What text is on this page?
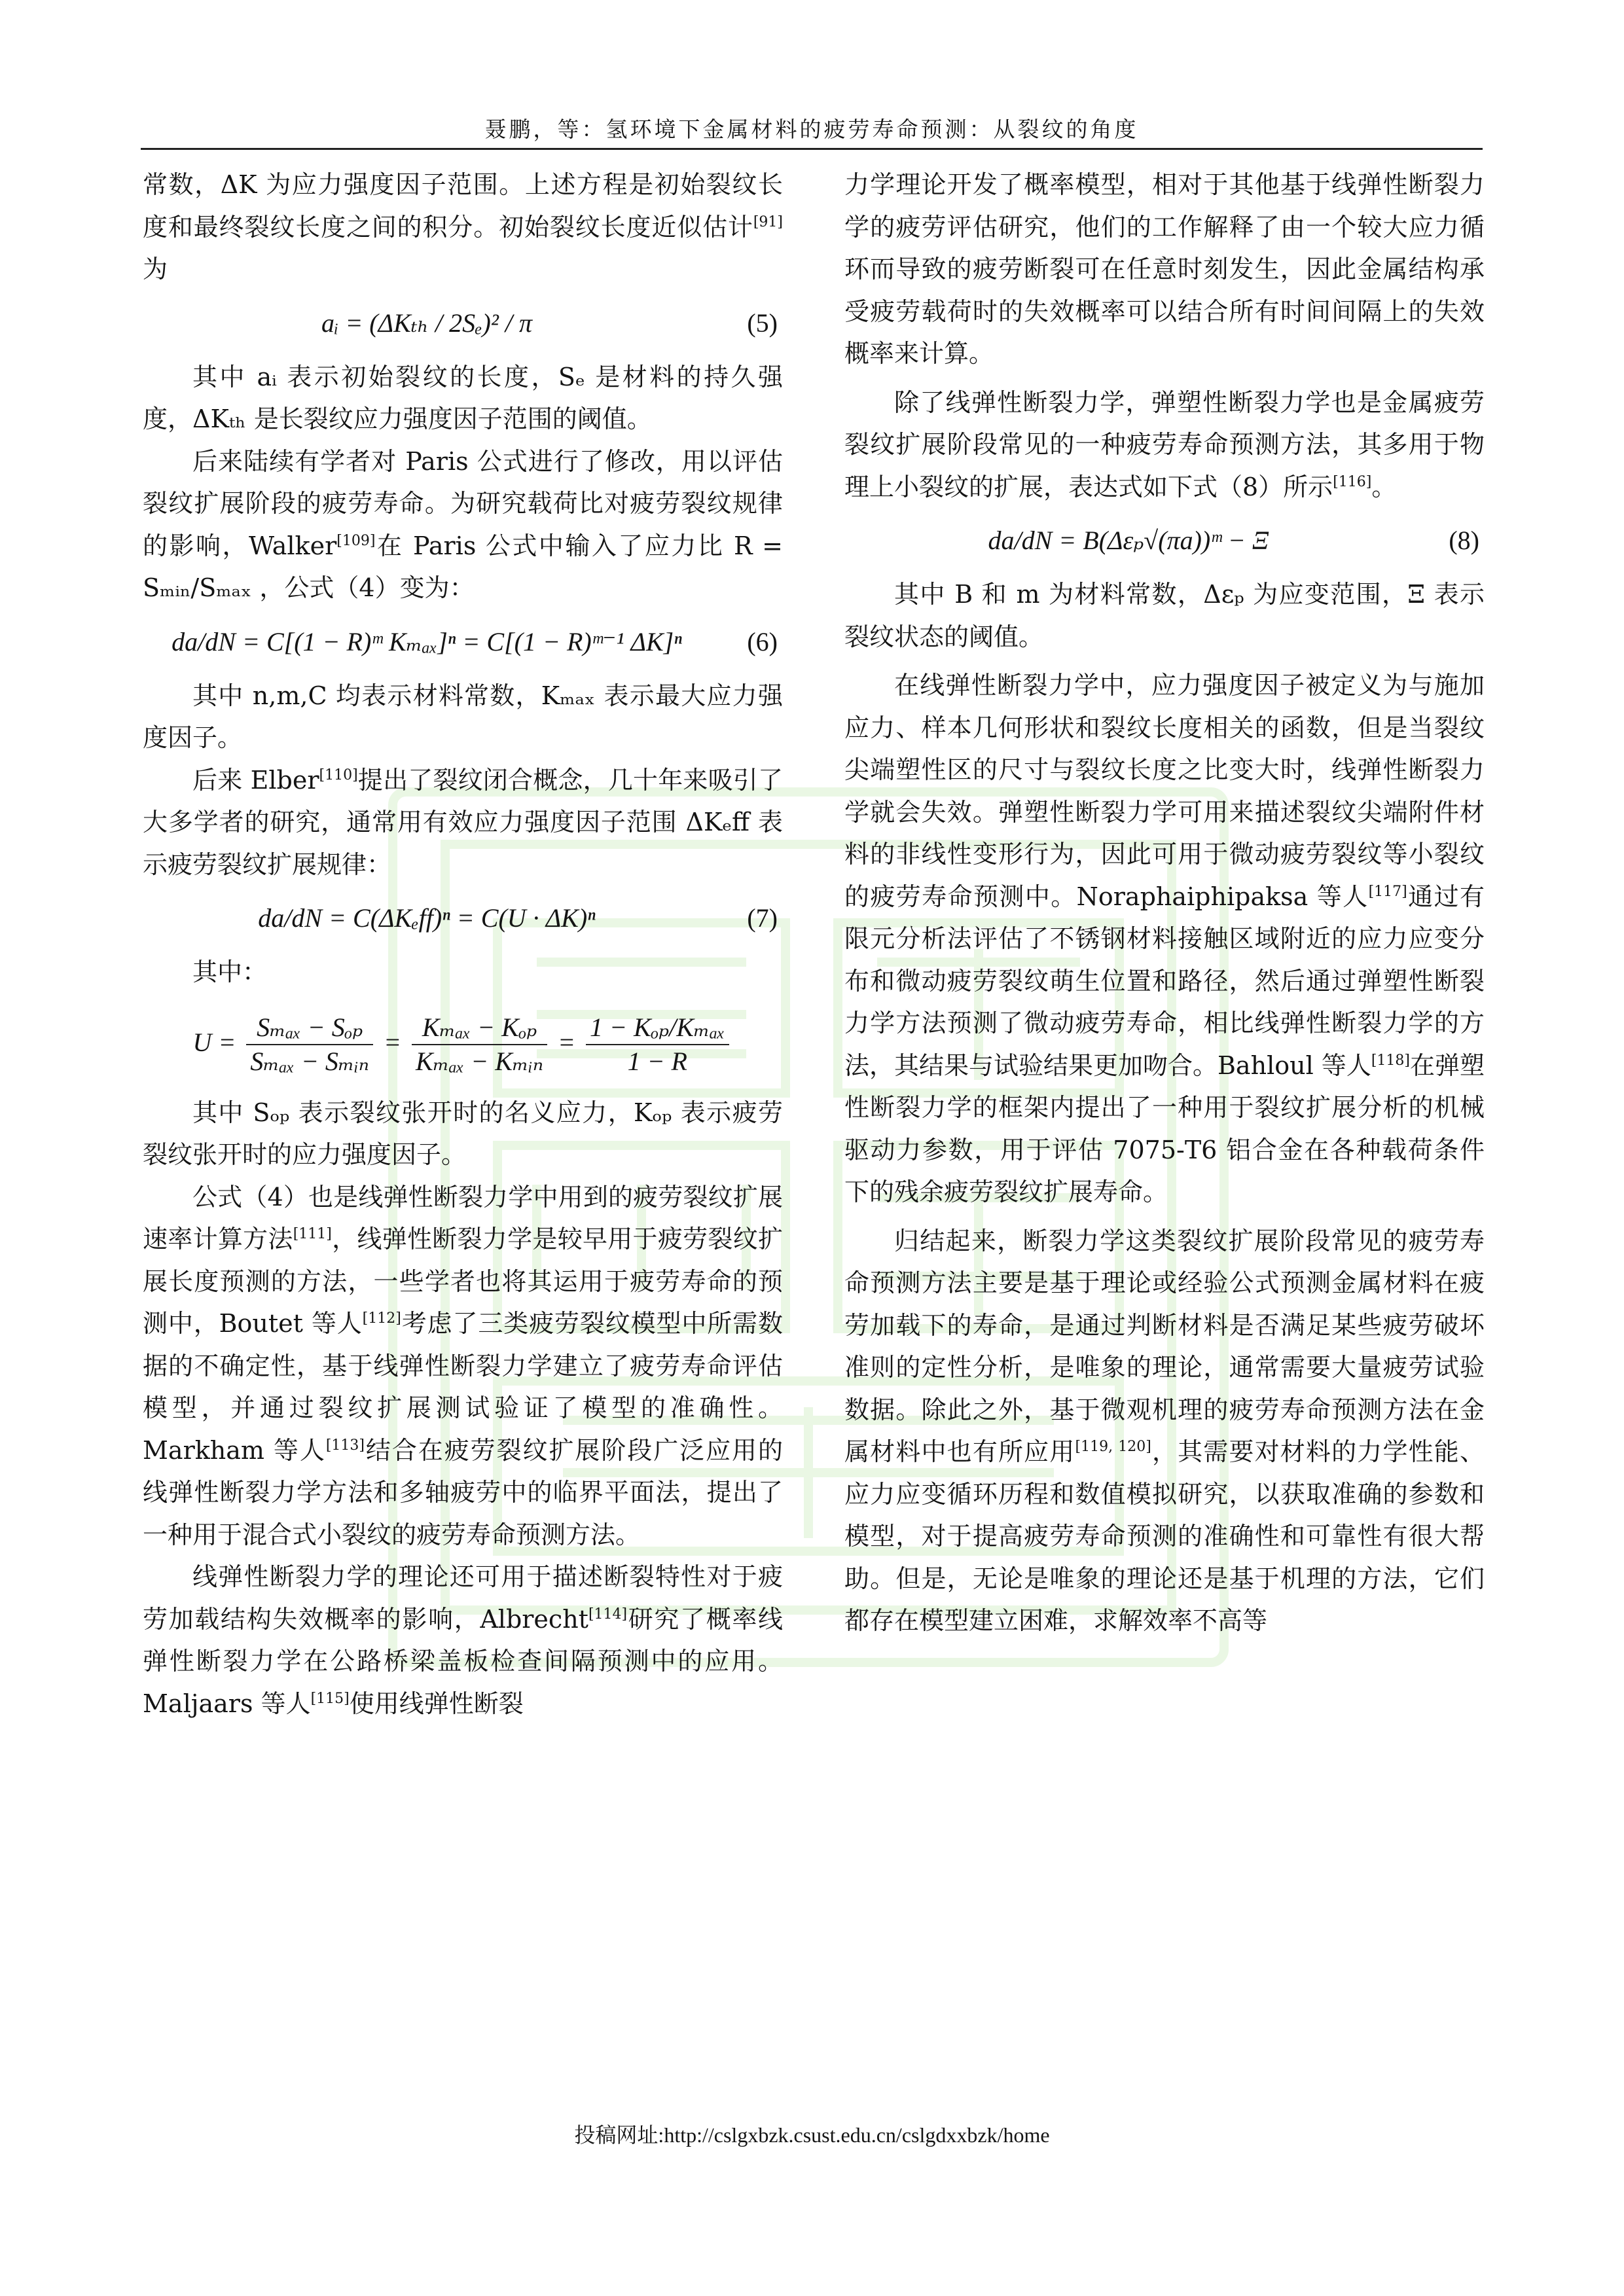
聂鹏，等：氢环境下金属材料的疲劳寿命预测：从裂纹的角度

常数，ΔK 为应力强度因子范围。上述方程是初始裂纹长度和最终裂纹长度之间的积分。初始裂纹长度近似估计[91]为

aᵢ = (ΔKₜₕ / 2Sₑ)² / π	(5)

其中 aᵢ 表示初始裂纹的长度，Sₑ 是材料的持久强度，ΔKₜₕ 是长裂纹应力强度因子范围的阈值。

后来陆续有学者对 Paris 公式进行了修改，用以评估裂纹扩展阶段的疲劳寿命。为研究载荷比对疲劳裂纹规律的影响，Walker[109]在 Paris 公式中输入了应力比 R = Sₘᵢₙ/Sₘₐₓ ，公式（4）变为：

da/dN = C[(1 − R)ᵐ Kₘₐₓ]ⁿ = C[(1 − R)ᵐ⁻¹ ΔK]ⁿ	(6)

其中 n,m,C 均表示材料常数，Kₘₐₓ 表示最大应力强度因子。

后来 Elber[110]提出了裂纹闭合概念，几十年来吸引了大多学者的研究，通常用有效应力强度因子范围 ΔKₑff 表示疲劳裂纹扩展规律：

da/dN = C(ΔKₑff)ⁿ = C(U · ΔK)ⁿ	(7)

其中：

$U = \frac{\text{Sₘₐₓ − Sₒₚ}}{\text{Sₘₐₓ − Sₘᵢₙ}} = \frac{\text{Kₘₐₓ − Kₒₚ}}{\text{Kₘₐₓ − Kₘᵢₙ}} = \frac{\text{1 − Kₒₚ/Kₘₐₓ}}{1 - R}$

其中 Sₒₚ 表示裂纹张开时的名义应力，Kₒₚ 表示疲劳裂纹张开时的应力强度因子。

公式（4）也是线弹性断裂力学中用到的疲劳裂纹扩展速率计算方法[111]，线弹性断裂力学是较早用于疲劳裂纹扩展长度预测的方法，一些学者也将其运用于疲劳寿命的预测中，Boutet 等人[112]考虑了三类疲劳裂纹模型中所需数据的不确定性，基于线弹性断裂力学建立了疲劳寿命评估模型，并通过裂纹扩展测试验证了模型的准确性。Markham 等人[113]结合在疲劳裂纹扩展阶段广泛应用的线弹性断裂力学方法和多轴疲劳中的临界平面法，提出了一种用于混合式小裂纹的疲劳寿命预测方法。

线弹性断裂力学的理论还可用于描述断裂特性对于疲劳加载结构失效概率的影响，Albrecht[114]研究了概率线弹性断裂力学在公路桥梁盖板检查间隔预测中的应用。Maljaars 等人[115]使用线弹性断裂

力学理论开发了概率模型，相对于其他基于线弹性断裂力学的疲劳评估研究，他们的工作解释了由一个较大应力循环而导致的疲劳断裂可在任意时刻发生，因此金属结构承受疲劳载荷时的失效概率可以结合所有时间间隔上的失效概率来计算。

除了线弹性断裂力学，弹塑性断裂力学也是金属疲劳裂纹扩展阶段常见的一种疲劳寿命预测方法，其多用于物理上小裂纹的扩展，表达式如下式（8）所示[116]。

da/dN = B(Δεₚ√(πa))ᵐ − Ξ	(8)

其中 B 和 m 为材料常数，Δεₚ 为应变范围，Ξ 表示裂纹状态的阈值。

在线弹性断裂力学中，应力强度因子被定义为与施加应力、样本几何形状和裂纹长度相关的函数，但是当裂纹尖端塑性区的尺寸与裂纹长度之比变大时，线弹性断裂力学就会失效。弹塑性断裂力学可用来描述裂纹尖端附件材料的非线性变形行为，因此可用于微动疲劳裂纹等小裂纹的疲劳寿命预测中。Noraphaiphipaksa 等人[117]通过有限元分析法评估了不锈钢材料接触区域附近的应力应变分布和微动疲劳裂纹萌生位置和路径，然后通过弹塑性断裂力学方法预测了微动疲劳寿命，相比线弹性断裂力学的方法，其结果与试验结果更加吻合。Bahloul 等人[118]在弹塑性断裂力学的框架内提出了一种用于裂纹扩展分析的机械驱动力参数，用于评估 7075-T6 铝合金在各种载荷条件下的残余疲劳裂纹扩展寿命。

归结起来，断裂力学这类裂纹扩展阶段常见的疲劳寿命预测方法主要是基于理论或经验公式预测金属材料在疲劳加载下的寿命，是通过判断材料是否满足某些疲劳破坏准则的定性分析，是唯象的理论，通常需要大量疲劳试验数据。除此之外，基于微观机理的疲劳寿命预测方法在金属材料中也有所应用[119, 120]，其需要对材料的力学性能、应力应变循环历程和数值模拟研究，以获取准确的参数和模型，对于提高疲劳寿命预测的准确性和可靠性有很大帮助。但是，无论是唯象的理论还是基于机理的方法，它们都存在模型建立困难，求解效率不高等

投稿网址:http://cslgxbzk.csust.edu.cn/cslgdxxbzk/home
